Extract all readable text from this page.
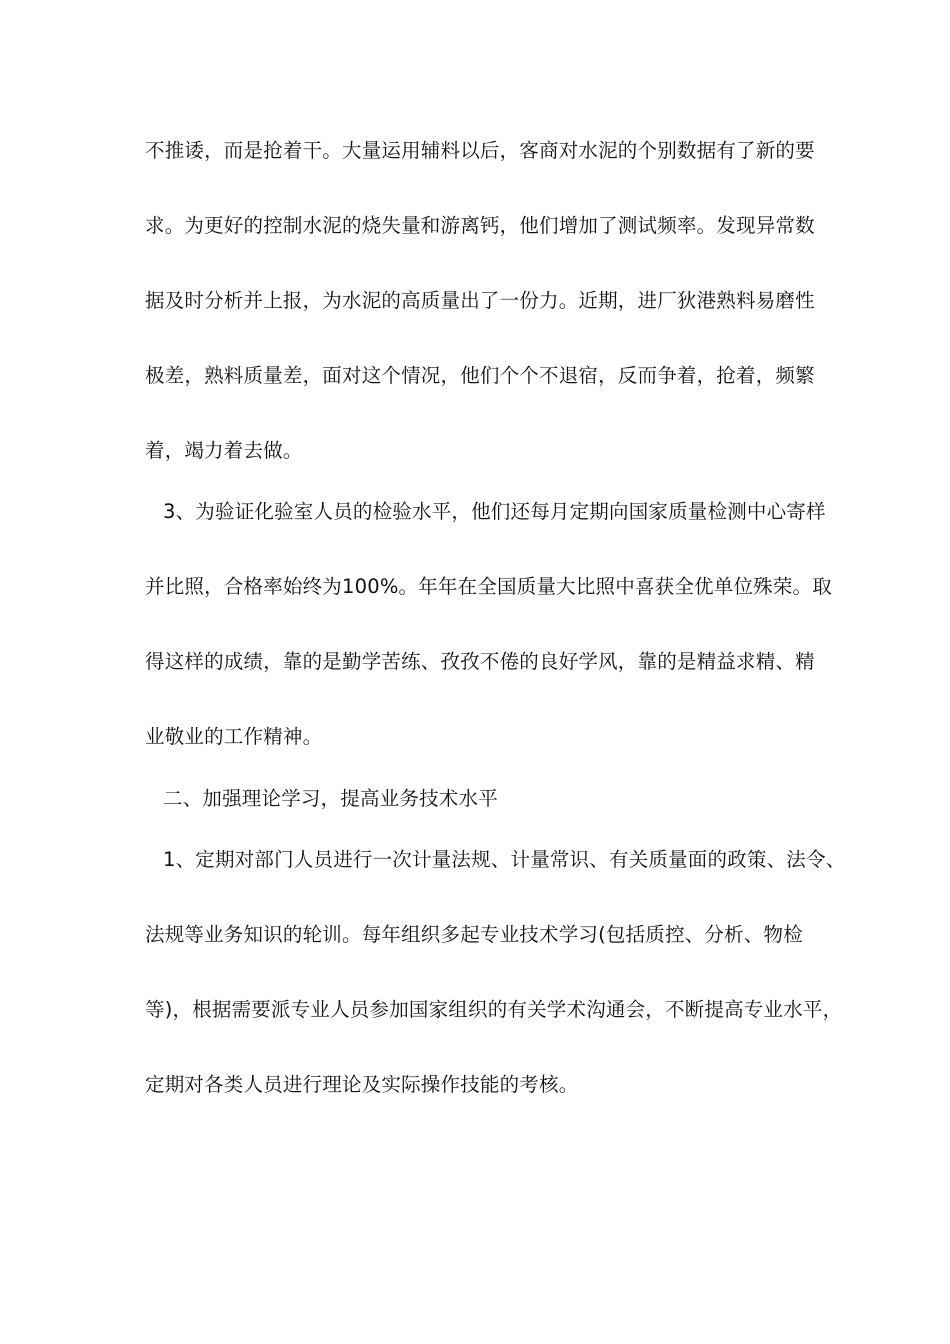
不推诿，而是抢着干。大量运用辅料以后，客商对水泥的个别数据有了新的要
求。为更好的控制水泥的烧失量和游离钙，他们增加了测试频率。发现异常数
据及时分析并上报，为水泥的高质量出了一份力。近期，进厂狄港熟料易磨性
极差，熟料质量差，面对这个情况，他们个个不退宿，反而争着，抢着，频繁
着，竭力着去做。
3、为验证化验室人员的检验水平，他们还每月定期向国家质量检测中心寄样
并比照，合格率始终为100%。年年在全国质量大比照中喜获全优单位殊荣。取
得这样的成绩，靠的是勤学苦练、孜孜不倦的良好学风，靠的是精益求精、精
业敬业的工作精神。
二、加强理论学习，提高业务技术水平
1、定期对部门人员进行一次计量法规、计量常识、有关质量面的政策、法令、
法规等业务知识的轮训。每年组织多起专业技术学习(包括质控、分析、物检
等)，根据需要派专业人员参加国家组织的有关学术沟通会，不断提高专业水平，
定期对各类人员进行理论及实际操作技能的考核。
